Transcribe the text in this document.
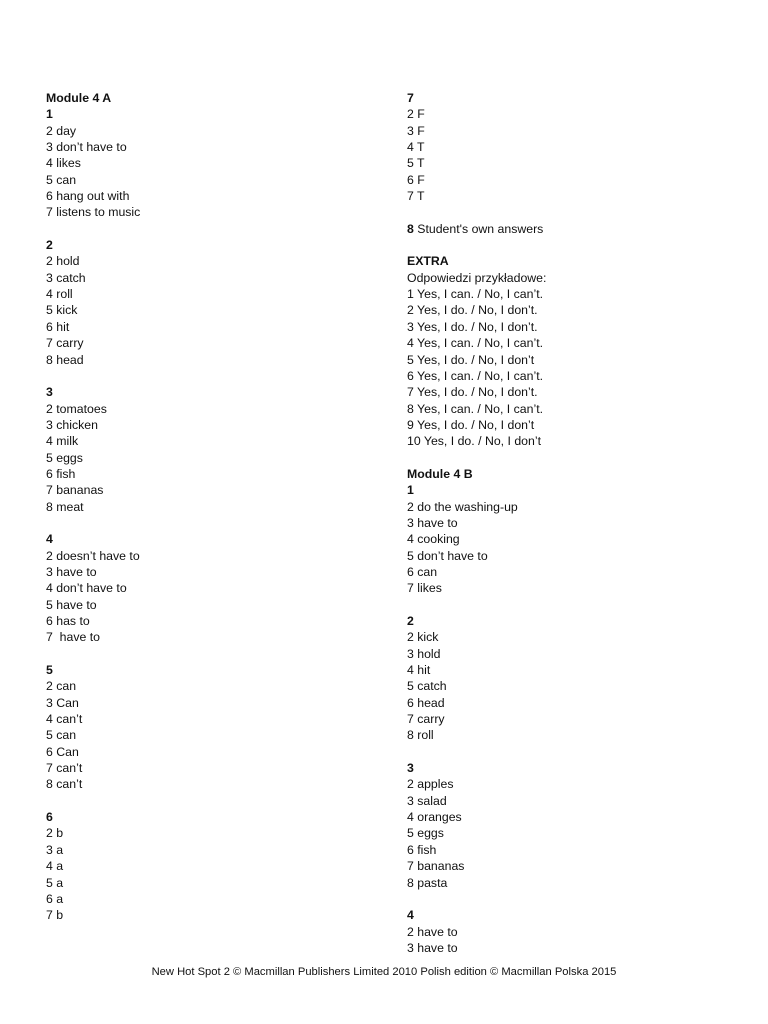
Module 4 A
1
2 day
3 don’t have to
4 likes
5 can
6 hang out with
7 listens to music
2
2 hold
3 catch
4 roll
5 kick
6 hit
7 carry
8 head
3
2 tomatoes
3 chicken
4 milk
5 eggs
6 fish
7 bananas
8 meat
4
2 doesn’t have to
3 have to
4 don’t have to
5 have to
6 has to
7  have to
5
2 can
3 Can
4 can’t
5 can
6 Can
7 can’t
8 can’t
6
2 b
3 a
4 a
5 a
6 a
7 b
7
2 F
3 F
4 T
5 T
6 F
7 T
8 Student's own answers
EXTRA
Odpowiedzi przykładowe:
1 Yes, I can. / No, I can’t.
2 Yes, I do. / No, I don’t.
3 Yes, I do. / No, I don’t.
4 Yes, I can. / No, I can’t.
5 Yes, I do. / No, I don’t
6 Yes, I can. / No, I can’t.
7 Yes, I do. / No, I don’t.
8 Yes, I can. / No, I can’t.
9 Yes, I do. / No, I don’t
10 Yes, I do. / No, I don’t
Module 4 B
1
2 do the washing-up
3 have to
4 cooking
5 don’t have to
6 can
7 likes
2
2 kick
3 hold
4 hit
5 catch
6 head
7 carry
8 roll
3
2 apples
3 salad
4 oranges
5 eggs
6 fish
7 bananas
8 pasta
4
2 have to
3 have to
New Hot Spot 2 © Macmillan Publishers Limited 2010 Polish edition © Macmillan Polska 2015
